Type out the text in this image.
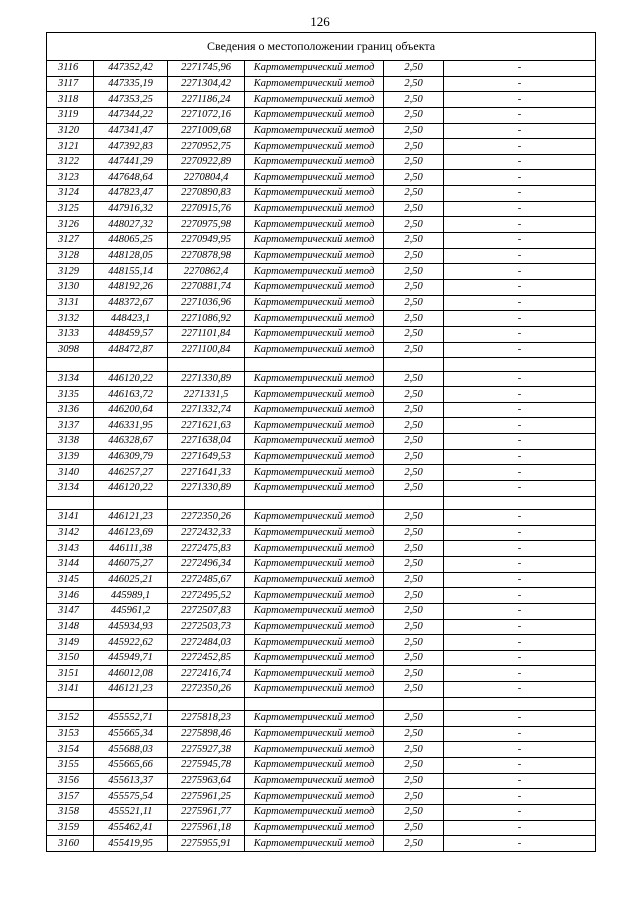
126
Сведения о местоположении границ объекта					
3116	447352,42	2271745,96	Картометрический метод	2,50	-
3117	447335,19	2271304,42	Картометрический метод	2,50	-
3118	447353,25	2271186,24	Картометрический метод	2,50	-
3119	447344,22	2271072,16	Картометрический метод	2,50	-
3120	447341,47	2271009,68	Картометрический метод	2,50	-
3121	447392,83	2270952,75	Картометрический метод	2,50	-
3122	447441,29	2270922,89	Картометрический метод	2,50	-
3123	447648,64	2270804,4	Картометрический метод	2,50	-
3124	447823,47	2270890,83	Картометрический метод	2,50	-
3125	447916,32	2270915,76	Картометрический метод	2,50	-
3126	448027,32	2270975,98	Картометрический метод	2,50	-
3127	448065,25	2270949,95	Картометрический метод	2,50	-
3128	448128,05	2270878,98	Картометрический метод	2,50	-
3129	448155,14	2270862,4	Картометрический метод	2,50	-
3130	448192,26	2270881,74	Картометрический метод	2,50	-
3131	448372,67	2271036,96	Картометрический метод	2,50	-
3132	448423,1	2271086,92	Картометрический метод	2,50	-
3133	448459,57	2271101,84	Картометрический метод	2,50	-
3098	448472,87	2271100,84	Картометрический метод	2,50	-

3134	446120,22	2271330,89	Картометрический метод	2,50	-
3135	446163,72	2271331,5	Картометрический метод	2,50	-
3136	446200,64	2271332,74	Картометрический метод	2,50	-
3137	446331,95	2271621,63	Картометрический метод	2,50	-
3138	446328,67	2271638,04	Картометрический метод	2,50	-
3139	446309,79	2271649,53	Картометрический метод	2,50	-
3140	446257,27	2271641,33	Картометрический метод	2,50	-
3134	446120,22	2271330,89	Картометрический метод	2,50	-

3141	446121,23	2272350,26	Картометрический метод	2,50	-
3142	446123,69	2272432,33	Картометрический метод	2,50	-
3143	446111,38	2272475,83	Картометрический метод	2,50	-
3144	446075,27	2272496,34	Картометрический метод	2,50	-
3145	446025,21	2272485,67	Картометрический метод	2,50	-
3146	445989,1	2272495,52	Картометрический метод	2,50	-
3147	445961,2	2272507,83	Картометрический метод	2,50	-
3148	445934,93	2272503,73	Картометрический метод	2,50	-
3149	445922,62	2272484,03	Картометрический метод	2,50	-
3150	445949,71	2272452,85	Картометрический метод	2,50	-
3151	446012,08	2272416,74	Картометрический метод	2,50	-
3141	446121,23	2272350,26	Картометрический метод	2,50	-

3152	455552,71	2275818,23	Картометрический метод	2,50	-
3153	455665,34	2275898,46	Картометрический метод	2,50	-
3154	455688,03	2275927,38	Картометрический метод	2,50	-
3155	455665,66	2275945,78	Картометрический метод	2,50	-
3156	455613,37	2275963,64	Картометрический метод	2,50	-
3157	455575,54	2275961,25	Картометрический метод	2,50	-
3158	455521,11	2275961,77	Картометрический метод	2,50	-
3159	455462,41	2275961,18	Картометрический метод	2,50	-
3160	455419,95	2275955,91	Картометрический метод	2,50	-
